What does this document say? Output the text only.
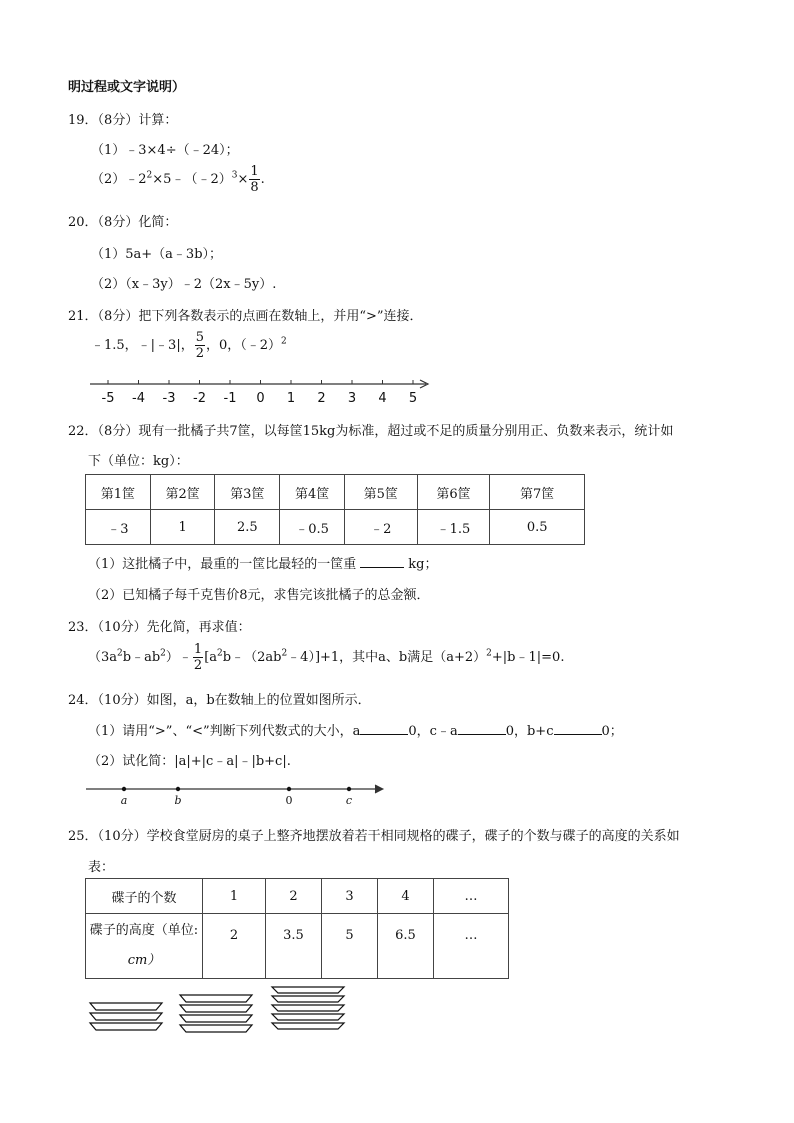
明过程或文字说明）
19．（8分）计算：
（1）﹣3×4÷（﹣24）；
$(2)﹣2^2\times 5﹣(﹣2)^3\times \frac{1}{8}$ .
20．（8分）化简：
（1）5a+（a﹣3b）；
（2）（x﹣3y）﹣2（2x﹣5y）.
21．（8分）把下列各数表示的点画在数轴上，并用“>”连接．
﹣1.5，﹣|﹣3|， $\frac{5}{2}$ ，0，（﹣2）$^2$
-5 -4 -3 -2 -1 0 1 2 3 4 5
22．（8分）现有一批橘子共7筐，以每筐15kg为标准，超过或不足的质量分别用正、负数来表示，统计如
下（单位：kg）：
第1筐	第2筐	第3筐	第4筐	第5筐	第6筐	第7筐
﹣3	1	2.5	﹣0.5	﹣2	﹣1.5	0.5
（1）这批橘子中，最重的一筐比最轻的一筐重	kg；
（2）已知橘子每千克售价8元，求售完该批橘子的总金额．
23．（10分）先化简，再求值：
$(3a^2b﹣ab^2)﹣ \frac{1}{2}$ $[a^2b﹣(2ab^2﹣4)]+1$，其中a、b满足$(a+2)^2+|b﹣1|=0$.
24．（10分）如图，a，b在数轴上的位置如图所示．
（1）请用“>”、“<”判断下列代数式的大小，a	0，c﹣a	0，b+c	0；
（2）试化简：|a|+|c﹣a|﹣|b+c|.
a	b	0	c
25．（10分）学校食堂厨房的桌子上整齐地摆放着若干相同规格的碟子，碟子的个数与碟子的高度的关系如
表：
碟子的个数	1	2	3	4	…

碟子的高度（单位:
cm）	2	3.5	5	6.5	…
